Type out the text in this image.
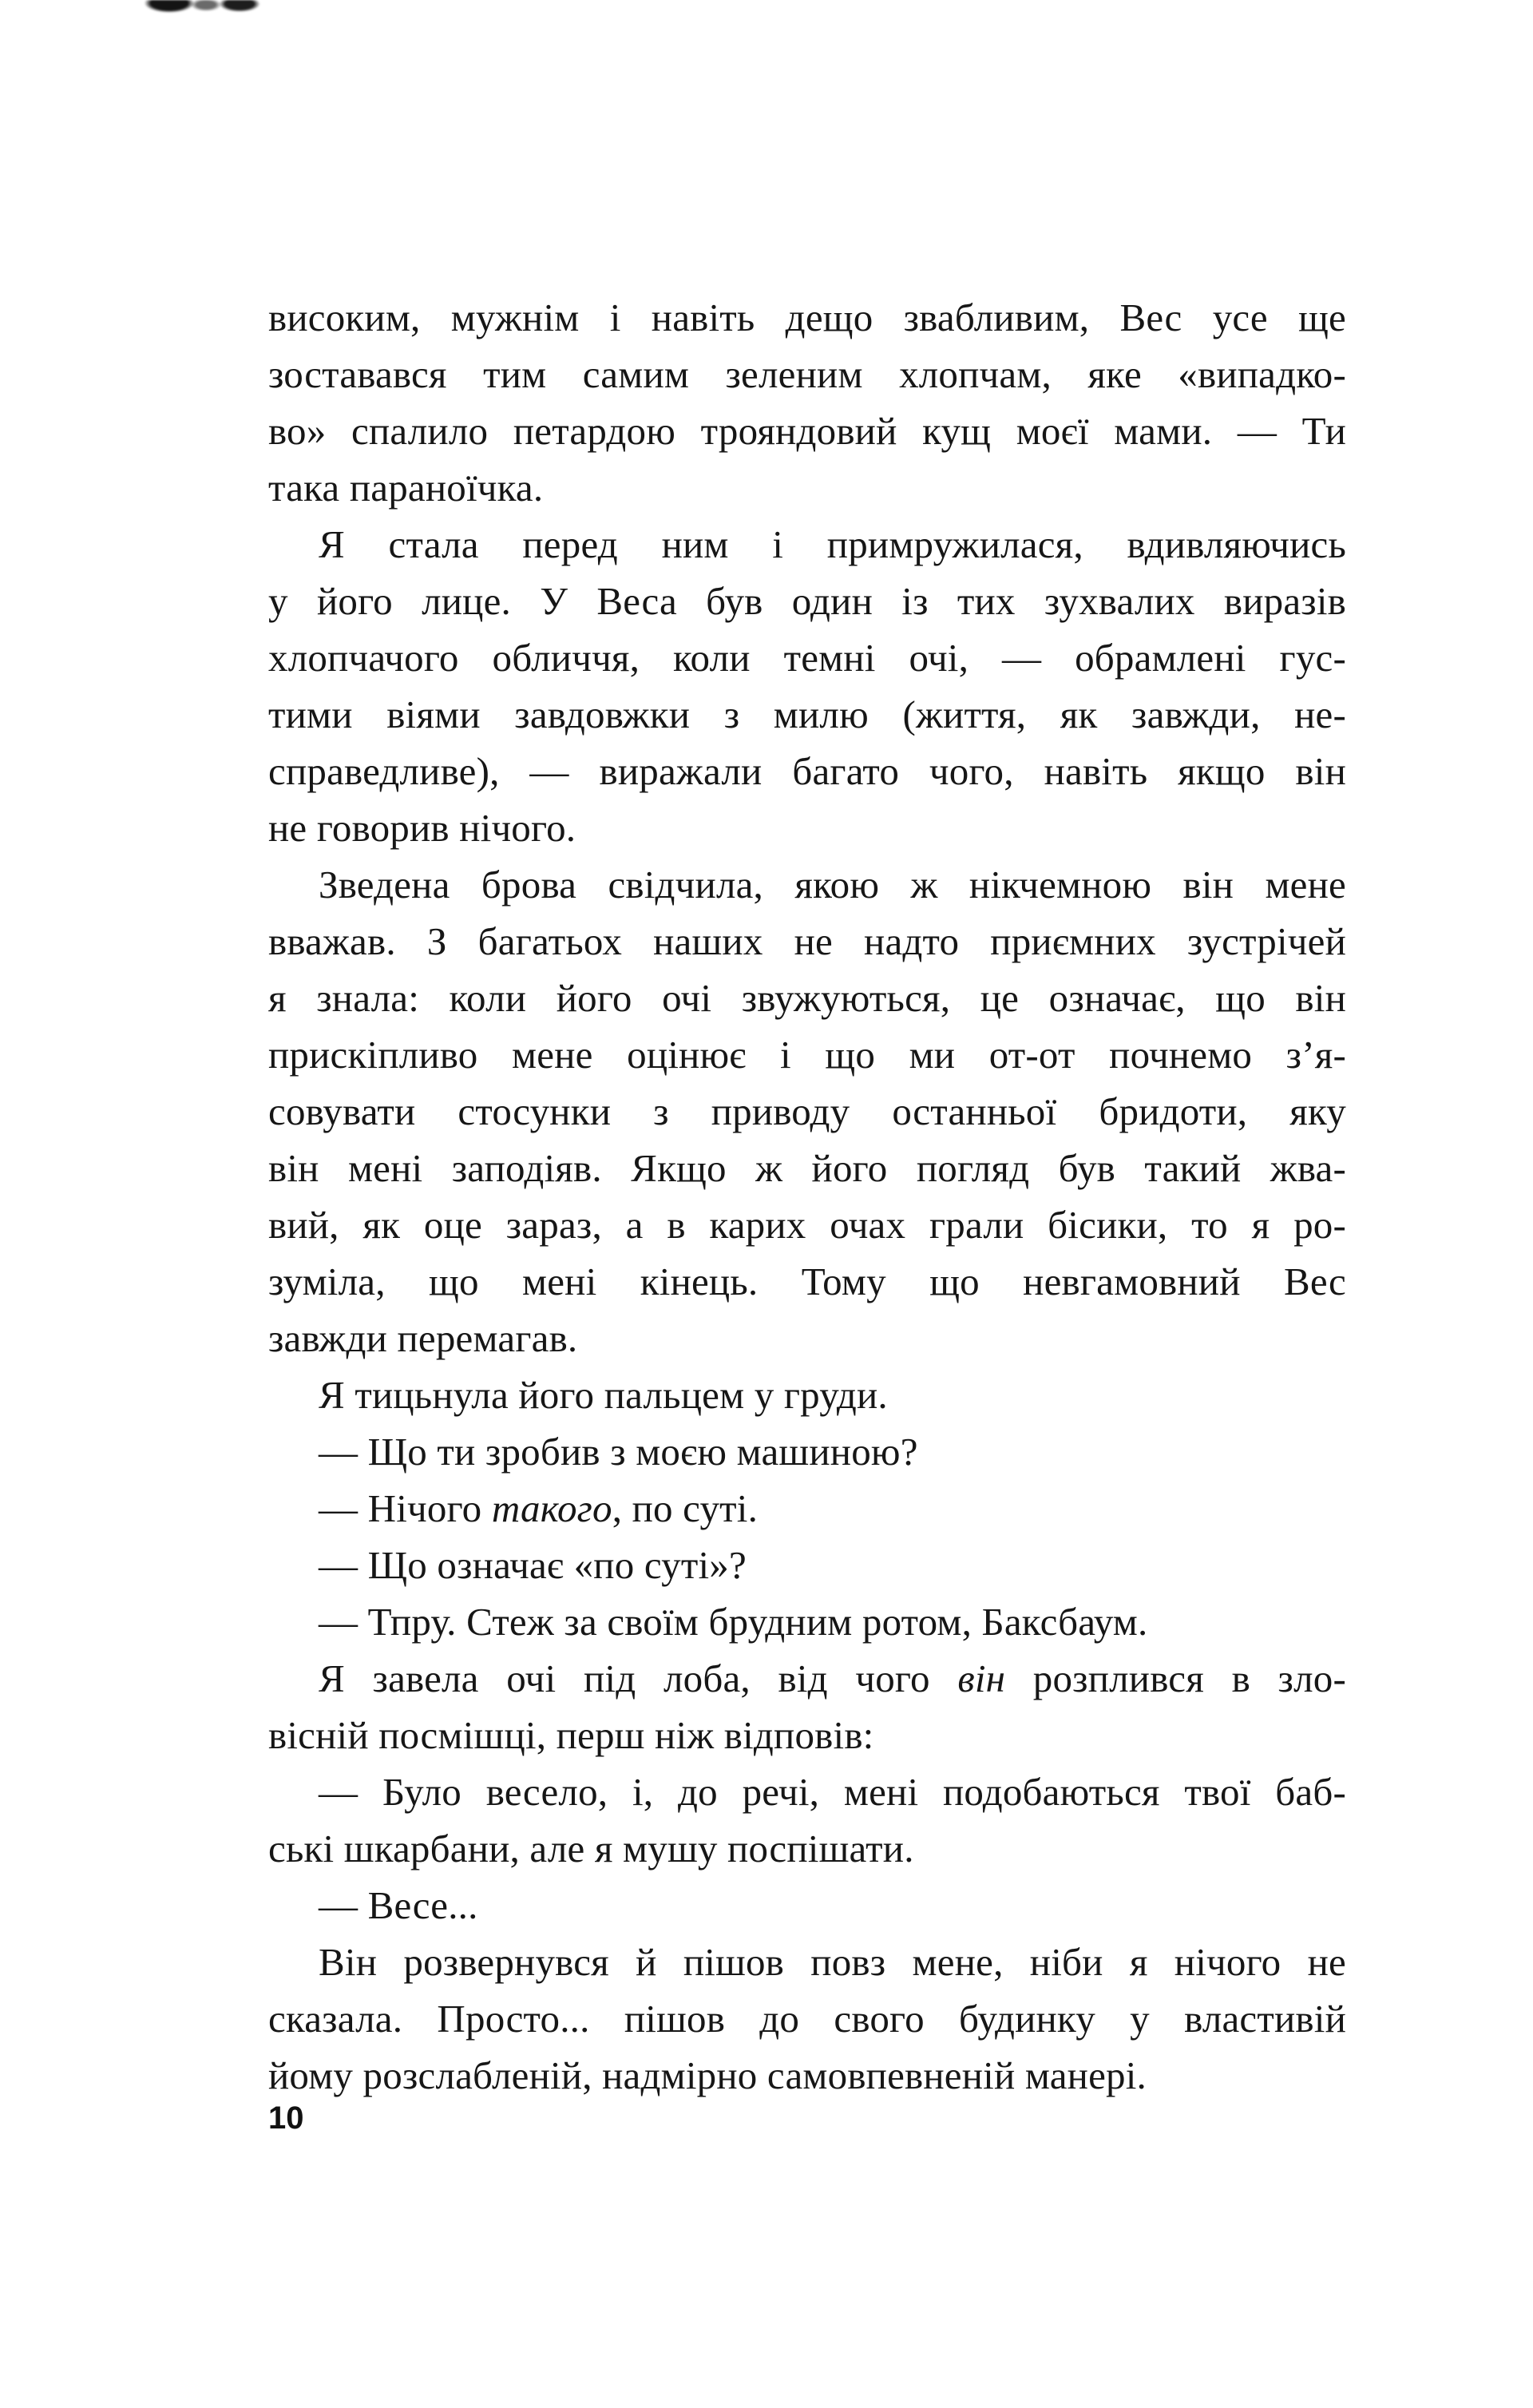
високим, мужнім і навіть дещо звабливим, Вес усе ще
зоставався тим самим зеленим хлопчам, яке «випадко-
во» спалило петардою трояндовий кущ моєї мами. — Ти
така параноїчка.
Я стала перед ним і примружилася, вдивляючись
у його лице. У Веса був один із тих зухвалих виразів
хлопчачого обличчя, коли темні очі, — обрамлені гус-
тими віями завдовжки з милю (життя, як завжди, не-
справедливе), — виражали багато чого, навіть якщо він
не говорив нічого.
Зведена брова свідчила, якою ж нікчемною він мене
вважав. З багатьох наших не надто приємних зустрічей
я знала: коли його очі звужуються, це означає, що він
прискіпливо мене оцінює і що ми от-от почнемо з’я-
совувати стосунки з приводу останньої бридоти, яку
він мені заподіяв. Якщо ж його погляд був такий жва-
вий, як оце зараз, а в карих очах грали бісики, то я ро-
зуміла, що мені кінець. Тому що невгамовний Вес
завжди перемагав.
Я тицьнула його пальцем у груди.
— Що ти зробив з моєю машиною?
— Нічого такого, по суті.
— Що означає «по суті»?
— Тпру. Стеж за своїм брудним ротом, Баксбаум.
Я завела очі під лоба, від чого він розплився в зло-
вісній посмішці, перш ніж відповів:
— Було весело, і, до речі, мені подобаються твої баб-
ські шкарбани, але я мушу поспішати.
— Весе...
Він розвернувся й пішов повз мене, ніби я нічого не
сказала. Просто... пішов до свого будинку у властивій
йому розслабленій, надмірно самовпевненій манері.
10
